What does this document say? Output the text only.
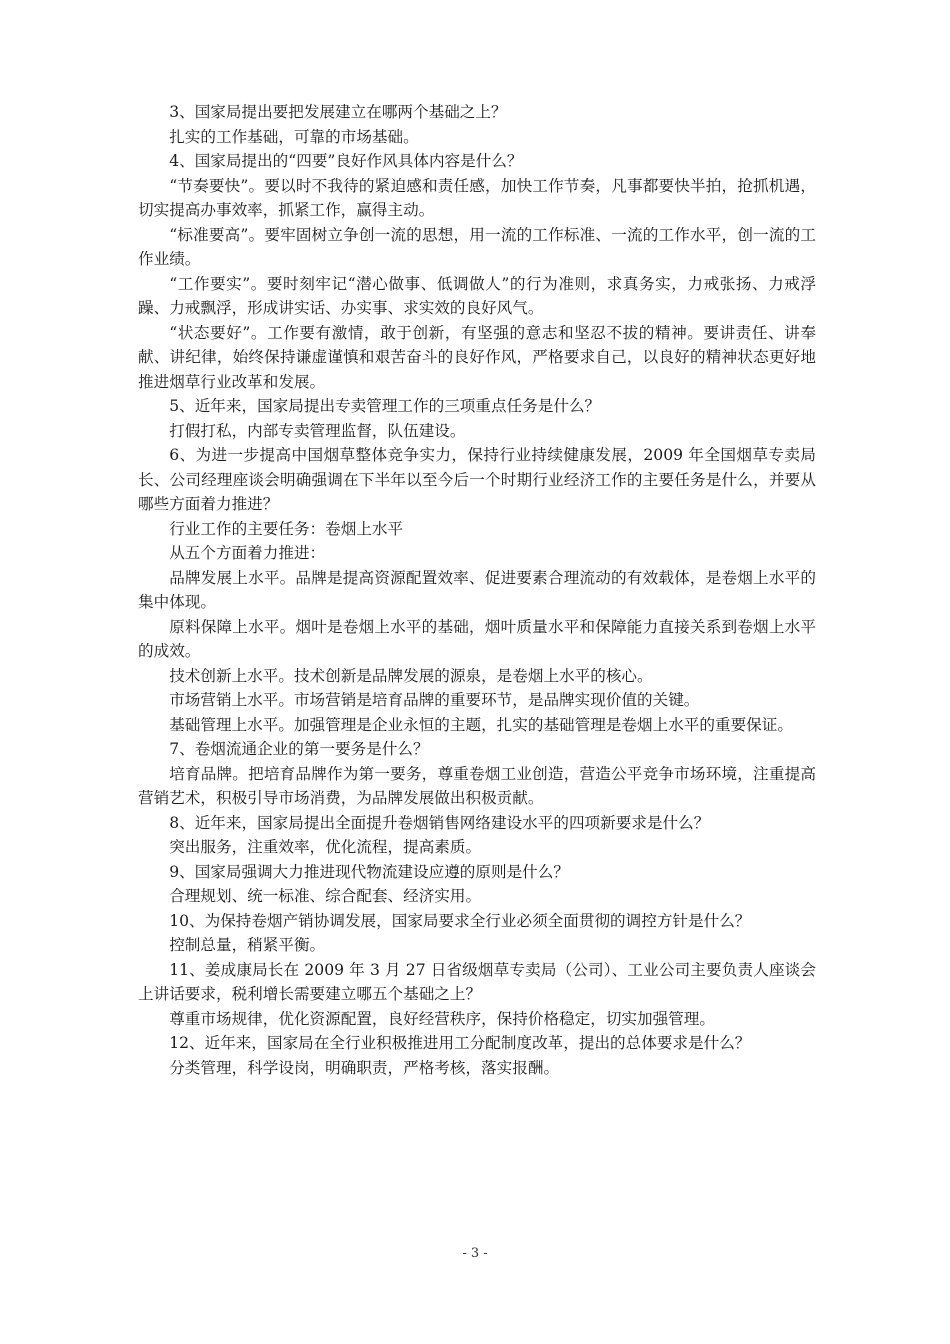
3、国家局提出要把发展建立在哪两个基础之上？

扎实的工作基础，可靠的市场基础。

4、国家局提出的“四要”良好作风具体内容是什么？

“节奏要快”。要以时不我待的紧迫感和责任感，加快工作节奏，凡事都要快半拍，抢抓机遇，切实提高办事效率，抓紧工作，赢得主动。

“标准要高”。要牢固树立争创一流的思想，用一流的工作标准、一流的工作水平，创一流的工作业绩。

“工作要实”。要时刻牢记“潜心做事、低调做人”的行为准则，求真务实，力戒张扬、力戒浮躁、力戒飘浮，形成讲实话、办实事、求实效的良好风气。

“状态要好”。工作要有激情，敢于创新，有坚强的意志和坚忍不拔的精神。要讲责任、讲奉献、讲纪律，始终保持谦虚谨慎和艰苦奋斗的良好作风，严格要求自己，以良好的精神状态更好地推进烟草行业改革和发展。

5、近年来，国家局提出专卖管理工作的三项重点任务是什么？

打假打私，内部专卖管理监督，队伍建设。

6、为进一步提高中国烟草整体竞争实力，保持行业持续健康发展，2009 年全国烟草专卖局长、公司经理座谈会明确强调在下半年以至今后一个时期行业经济工作的主要任务是什么，并要从哪些方面着力推进？

行业工作的主要任务：卷烟上水平

从五个方面着力推进：

品牌发展上水平。品牌是提高资源配置效率、促进要素合理流动的有效载体，是卷烟上水平的集中体现。

原料保障上水平。烟叶是卷烟上水平的基础，烟叶质量水平和保障能力直接关系到卷烟上水平的成效。

技术创新上水平。技术创新是品牌发展的源泉，是卷烟上水平的核心。

市场营销上水平。市场营销是培育品牌的重要环节，是品牌实现价值的关键。

基础管理上水平。加强管理是企业永恒的主题，扎实的基础管理是卷烟上水平的重要保证。

7、卷烟流通企业的第一要务是什么？

培育品牌。把培育品牌作为第一要务，尊重卷烟工业创造，营造公平竞争市场环境，注重提高营销艺术，积极引导市场消费，为品牌发展做出积极贡献。

8、近年来，国家局提出全面提升卷烟销售网络建设水平的四项新要求是什么？

突出服务，注重效率，优化流程，提高素质。

9、国家局强调大力推进现代物流建设应遵的原则是什么？

合理规划、统一标准、综合配套、经济实用。

10、为保持卷烟产销协调发展，国家局要求全行业必须全面贯彻的调控方针是什么？

控制总量，稍紧平衡。

11、姜成康局长在 2009 年 3 月 27 日省级烟草专卖局（公司）、工业公司主要负责人座谈会上讲话要求，税利增长需要建立哪五个基础之上？

尊重市场规律，优化资源配置，良好经营秩序，保持价格稳定，切实加强管理。

12、近年来，国家局在全行业积极推进用工分配制度改革，提出的总体要求是什么？

分类管理，科学设岗，明确职责，严格考核，落实报酬。

- 3 -
